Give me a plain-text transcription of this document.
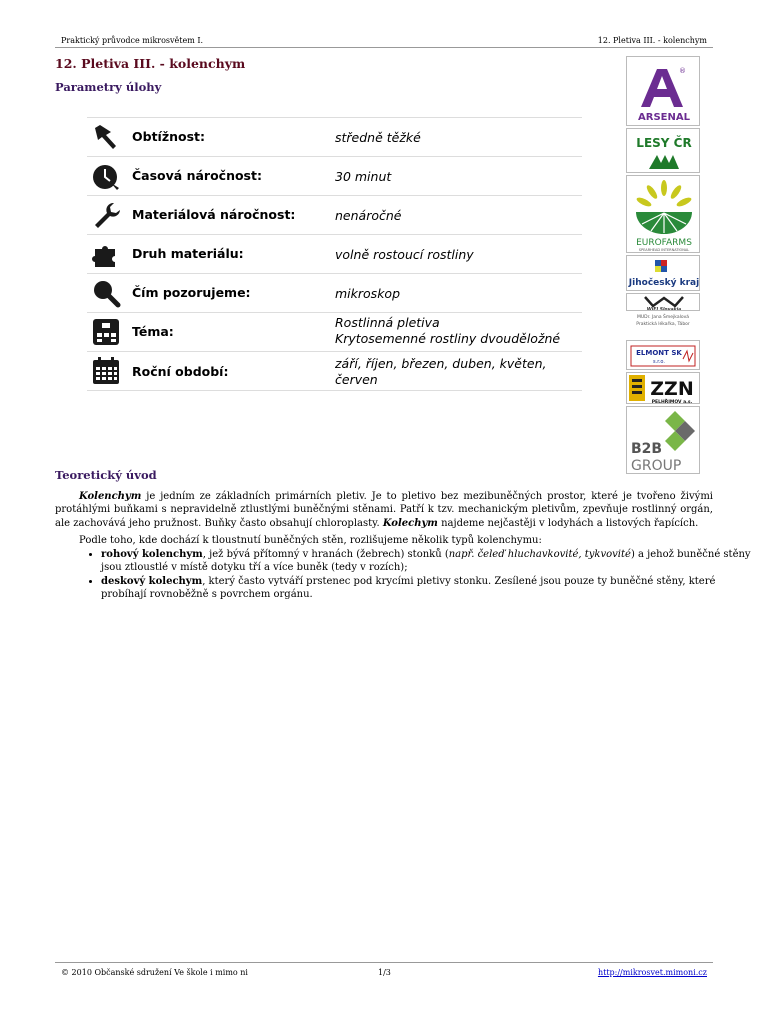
Praktický průvodce mikrosvětem I.	12. Pletiva III. - kolenchym
12. Pletiva III. - kolenchym
Parametry úlohy
Obtížnost:	středně těžké
Časová náročnost:	30 minut
Materiálová náročnost:	nenáročné
Druh materiálu:	volně rostoucí rostliny
Čím pozorujeme:	mikroskop
Téma:
Rostlinná pletiva
Krytosemenné rostliny dvouděložné
Roční období:
září, říjen, březen, duben, květen,
červen
®
ARSENAL
LESY ČR
EUROFARMS
SPEARHEAD INTERNATIONAL
Jihočeský kraj
WIFI Slovakia
MUDr. Jana Šmejkalová
Praktická lékařka, Tábor
ELMONT SK
s.r.o.
ZZN
PELHŘIMOV a.s.
B2B
GROUP
Teoretický úvod
Kolenchym je jedním ze základních primárních pletiv. Je to pletivo bez mezibuněčných prostor, které je tvořeno živými protáhlými buňkami s nepravidelně ztlustlými buněčnými stěnami. Patří k tzv. mechanickým pletivům, zpevňuje rostlinný orgán, ale zachovává jeho pružnost. Buňky často obsahují chloroplasty. Kolechym najdeme nejčastěji v lodyhách a listových řapících.
Podle toho, kde dochází k tloustnutí buněčných stěn, rozlišujeme několik typů kolenchymu:
• rohový kolenchym, jež bývá přítomný v hranách (žebrech) stonků (např. čeleď hluchavkovité, tykvovité) a jehož buněčné stěny jsou ztloustlé v místě dotyku tří a více buněk (tedy v rozích);
• deskový kolechym, který často vytváří prstenec pod krycími pletivy stonku. Zesílené jsou pouze ty buněčné stěny, které probíhají rovnoběžně s povrchem orgánu.
© 2010 Občanské sdružení Ve škole i mimo ni	1/3	http://mikrosvet.mimoni.cz
